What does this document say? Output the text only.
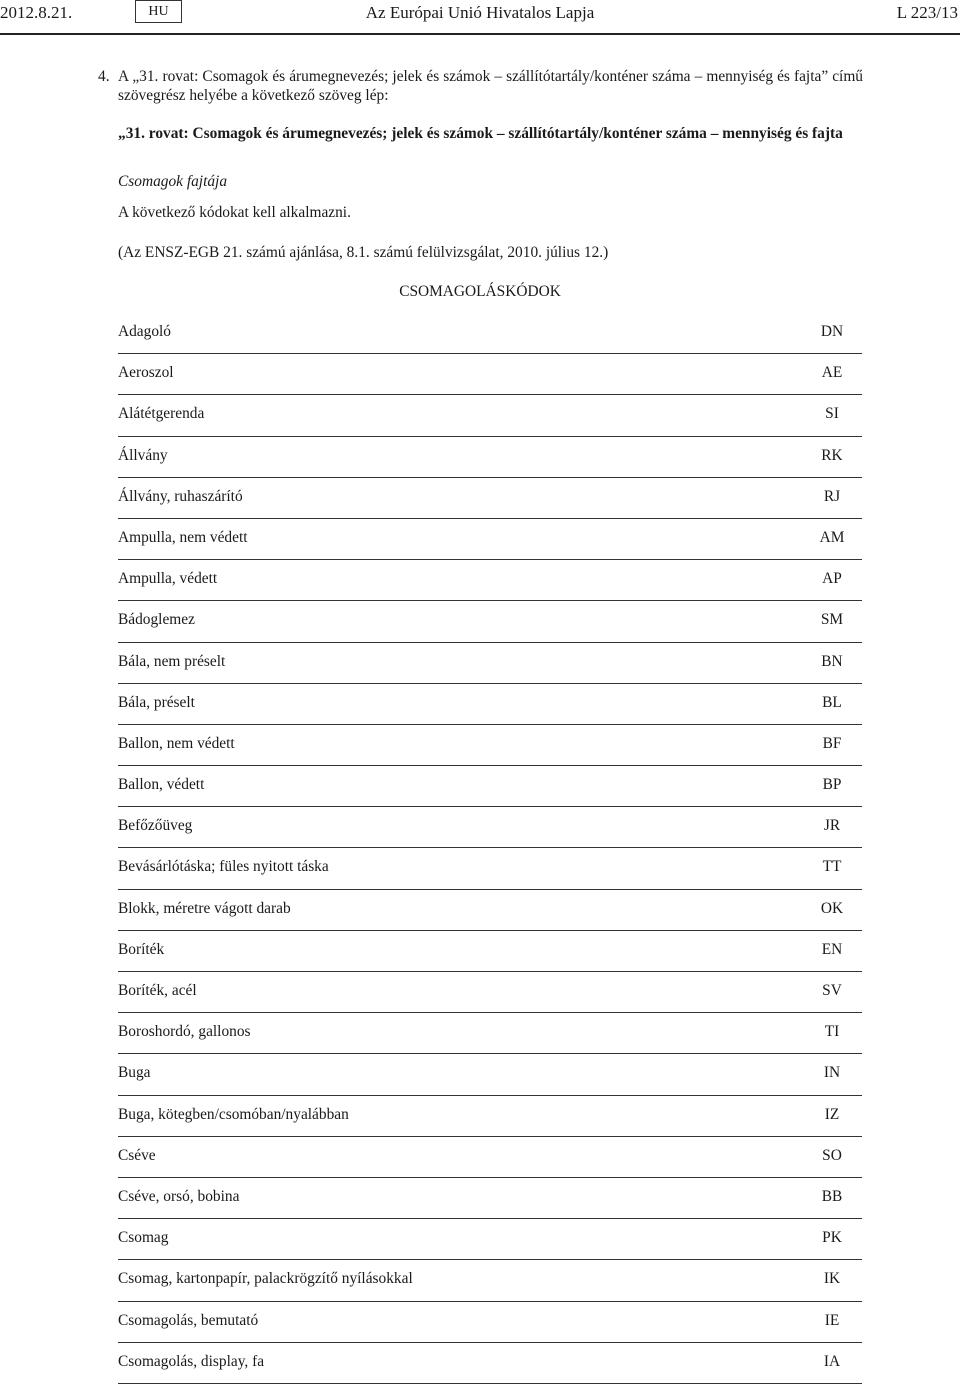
2012.8.21.	HU	Az Európai Unió Hivatalos Lapja	L 223/13
4. A „31. rovat: Csomagok és árumegnevezés; jelek és számok – szállítótartály/konténer száma – mennyiség és fajta” című szövegrész helyébe a következő szöveg lép:
„31. rovat: Csomagok és árumegnevezés; jelek és számok – szállítótartály/konténer száma – mennyiség és fajta
Csomagok fajtája
A következő kódokat kell alkalmazni.
(Az ENSZ-EGB 21. számú ajánlása, 8.1. számú felülvizsgálat, 2010. július 12.)
CSOMAGOLÁSKÓDOK
Adagoló	DN
Aeroszol	AE
Alátétgerenda	SI
Állvány	RK
Állvány, ruhaszárító	RJ
Ampulla, nem védett	AM
Ampulla, védett	AP
Bádoglemez	SM
Bála, nem préselt	BN
Bála, préselt	BL
Ballon, nem védett	BF
Ballon, védett	BP
Befőzőüveg	JR
Bevásárlótáska; füles nyitott táska	TT
Blokk, méretre vágott darab	OK
Boríték	EN
Boríték, acél	SV
Boroshordó, gallonos	TI
Buga	IN
Buga, kötegben/csomóban/nyalábban	IZ
Cséve	SO
Cséve, orsó, bobina	BB
Csomag	PK
Csomag, kartonpapír, palackrögzítő nyílásokkal	IK
Csomagolás, bemutató	IE
Csomagolás, display, fa	IA
